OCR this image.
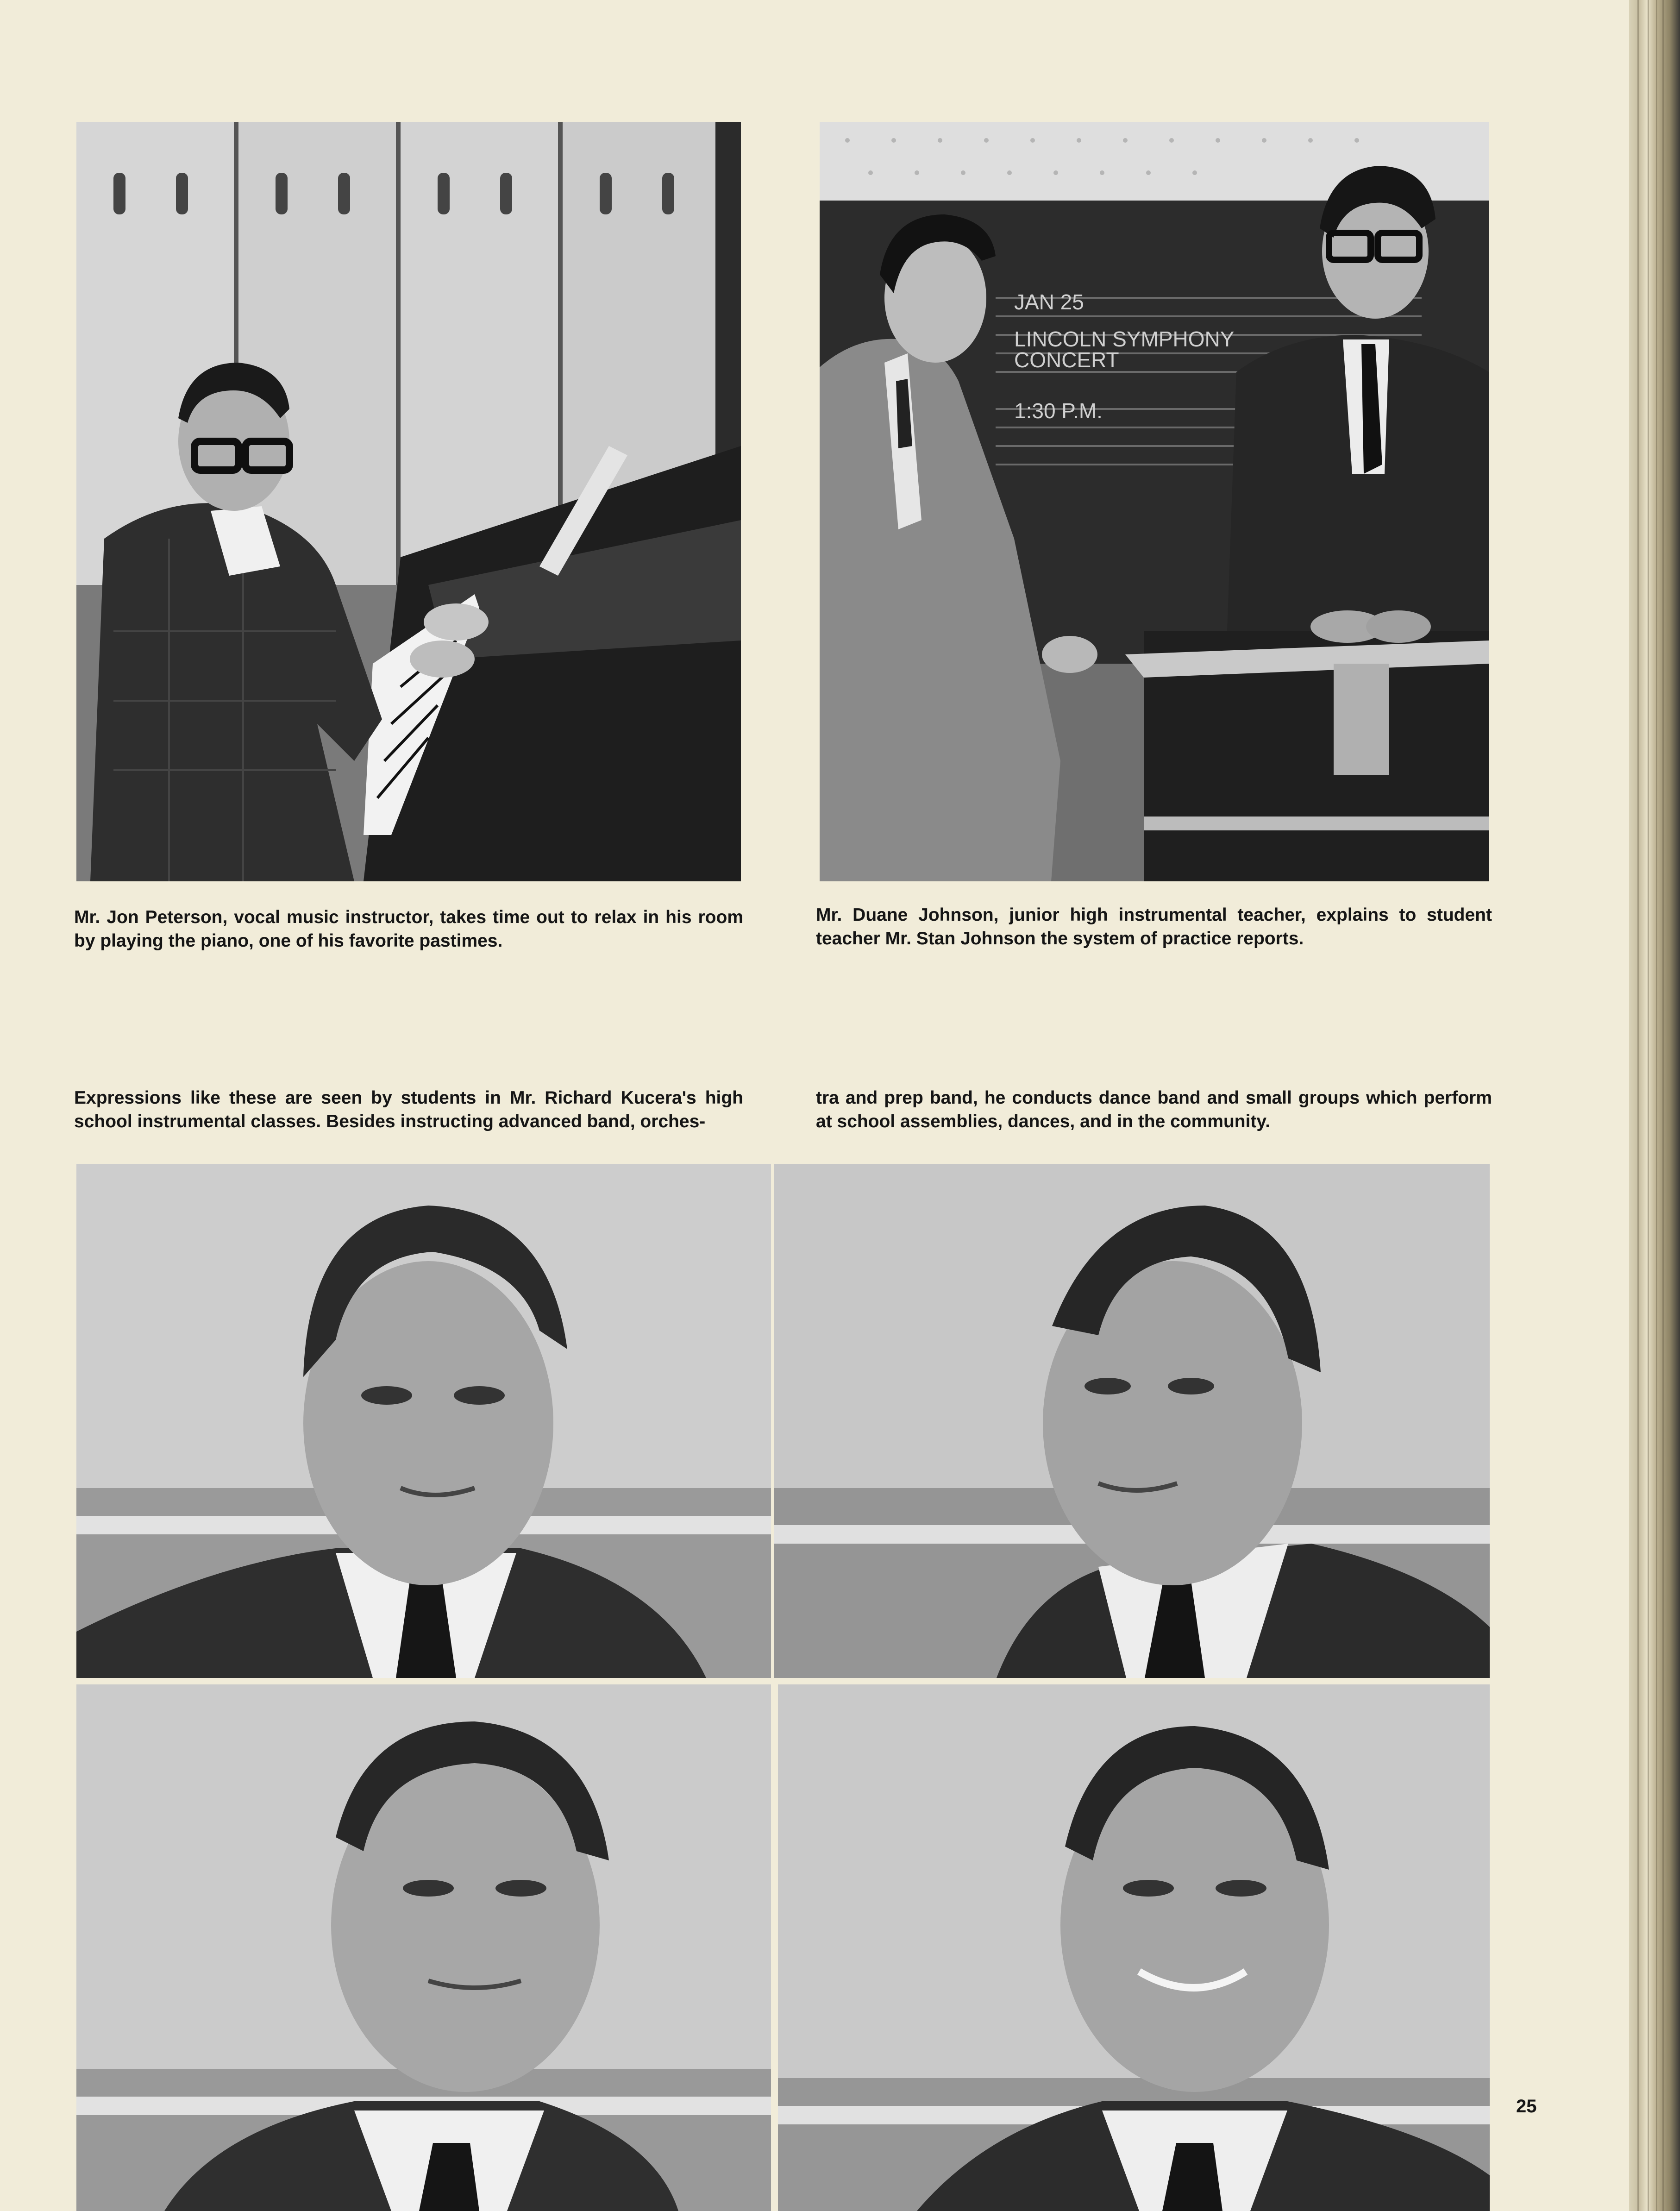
JAN 25
LINCOLN SYMPHONY
CONCERT
1:30 P.M.

Mr. Jon Peterson, vocal music instructor, takes time out to relax in his room by playing the piano, one of his favorite pastimes.

Mr. Duane Johnson, junior high instrumental teacher, explains to student teacher Mr. Stan Johnson the system of practice reports.

Expressions like these are seen by students in Mr. Richard Kucera's high school instrumental classes. Besides instructing advanced band, orches-

tra and prep band, he conducts dance band and small groups which perform at school assemblies, dances, and in the community.

25
